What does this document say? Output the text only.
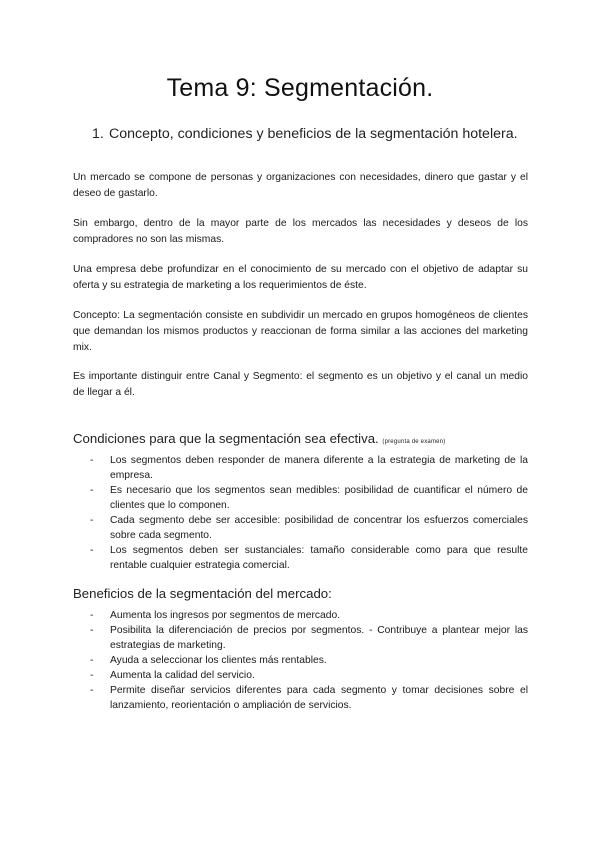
Tema 9: Segmentación.
1. Concepto, condiciones y beneficios de la segmentación hotelera.

Un mercado se compone de personas y organizaciones con necesidades, dinero que gastar y el deseo de gastarlo.

Sin embargo, dentro de la mayor parte de los mercados las necesidades y deseos de los compradores no son las mismas.

Una empresa debe profundizar en el conocimiento de su mercado con el objetivo de adaptar su oferta y su estrategia de marketing a los requerimientos de éste.

Concepto: La segmentación consiste en subdividir un mercado en grupos homogéneos de clientes que demandan los mismos productos y reaccionan de forma similar a las acciones del marketing mix.

Es importante distinguir entre Canal y Segmento: el segmento es un objetivo y el canal un medio de llegar a él.

Condiciones para que la segmentación sea efectiva. (pregunta de examen)
- Los segmentos deben responder de manera diferente a la estrategia de marketing de la empresa.
- Es necesario que los segmentos sean medibles: posibilidad de cuantificar el número de clientes que lo componen.
- Cada segmento debe ser accesible: posibilidad de concentrar los esfuerzos comerciales sobre cada segmento.
- Los segmentos deben ser sustanciales: tamaño considerable como para que resulte rentable cualquier estrategia comercial.
Beneficios de la segmentación del mercado:
- Aumenta los ingresos por segmentos de mercado.
- Posibilita la diferenciación de precios por segmentos. - Contribuye a plantear mejor las estrategias de marketing.
- Ayuda a seleccionar los clientes más rentables.
- Aumenta la calidad del servicio.
- Permite diseñar servicios diferentes para cada segmento y tomar decisiones sobre el lanzamiento, reorientación o ampliación de servicios.
